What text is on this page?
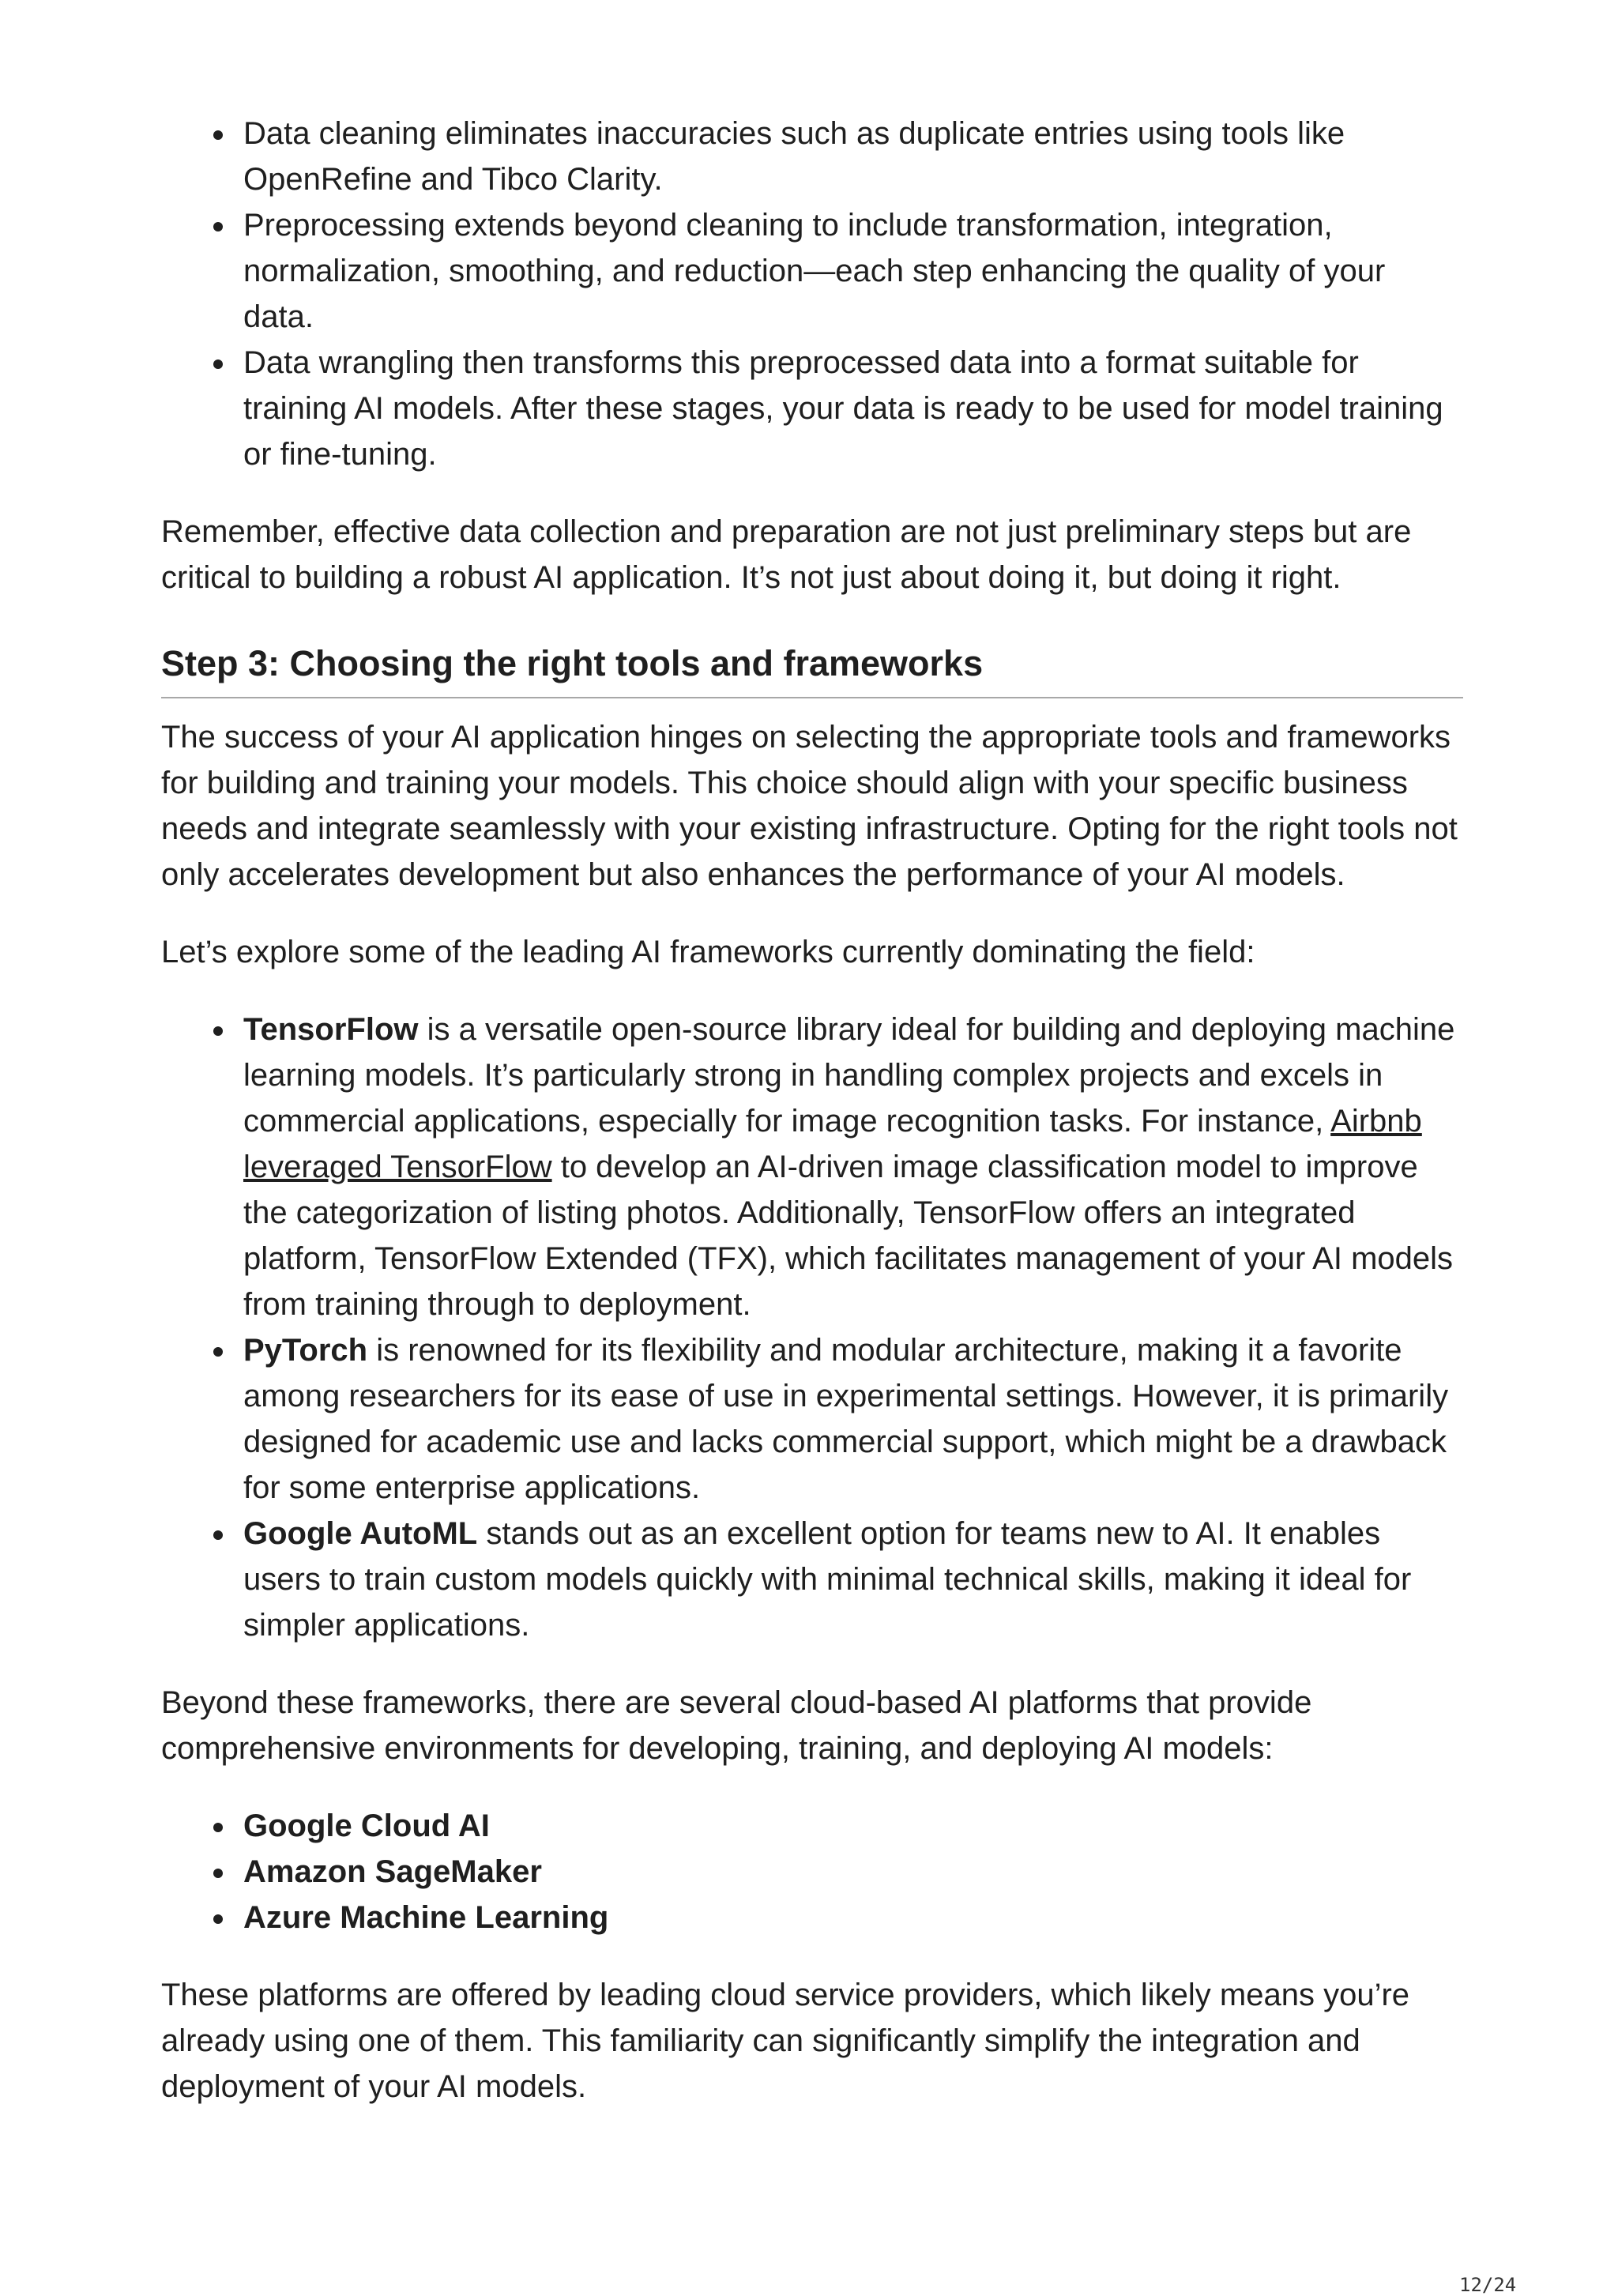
Data cleaning eliminates inaccuracies such as duplicate entries using tools like OpenRefine and Tibco Clarity.
Preprocessing extends beyond cleaning to include transformation, integration, normalization, smoothing, and reduction—each step enhancing the quality of your data.
Data wrangling then transforms this preprocessed data into a format suitable for training AI models. After these stages, your data is ready to be used for model training or fine-tuning.

Remember, effective data collection and preparation are not just preliminary steps but are critical to building a robust AI application. It’s not just about doing it, but doing it right.

Step 3: Choosing the right tools and frameworks

The success of your AI application hinges on selecting the appropriate tools and frameworks for building and training your models. This choice should align with your specific business needs and integrate seamlessly with your existing infrastructure. Opting for the right tools not only accelerates development but also enhances the performance of your AI models.

Let’s explore some of the leading AI frameworks currently dominating the field:

TensorFlow is a versatile open-source library ideal for building and deploying machine learning models. It’s particularly strong in handling complex projects and excels in commercial applications, especially for image recognition tasks. For instance, Airbnb leveraged TensorFlow to develop an AI-driven image classification model to improve the categorization of listing photos. Additionally, TensorFlow offers an integrated platform, TensorFlow Extended (TFX), which facilitates management of your AI models from training through to deployment.
PyTorch is renowned for its flexibility and modular architecture, making it a favorite among researchers for its ease of use in experimental settings. However, it is primarily designed for academic use and lacks commercial support, which might be a drawback for some enterprise applications.
Google AutoML stands out as an excellent option for teams new to AI. It enables users to train custom models quickly with minimal technical skills, making it ideal for simpler applications.

Beyond these frameworks, there are several cloud-based AI platforms that provide comprehensive environments for developing, training, and deploying AI models:

Google Cloud AI
Amazon SageMaker
Azure Machine Learning

These platforms are offered by leading cloud service providers, which likely means you’re already using one of them. This familiarity can significantly simplify the integration and deployment of your AI models.

12/24
